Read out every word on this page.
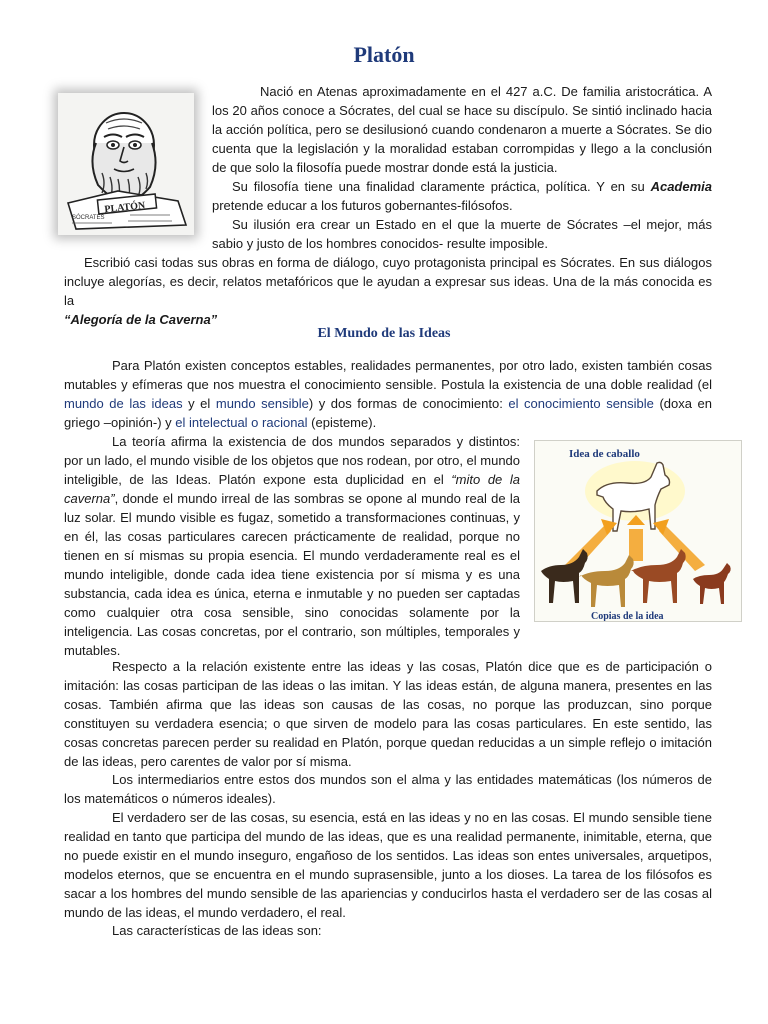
Platón
PLATÓN
SÓCRATES

Nació en Atenas aproximadamente en el 427 a.C. De familia aristocrática. A los 20 años conoce a Sócrates, del cual se hace su discípulo. Se sintió inclinado hacia la acción política, pero se desilusionó cuando condenaron a muerte a Sócrates. Se dio cuenta que la legislación y la moralidad estaban corrompidas y llego a la conclusión de que solo la filosofía puede mostrar donde está la justicia.

Su filosofía tiene una finalidad claramente práctica, política. Y en su Academia pretende educar a los futuros gobernantes-filósofos.

Su ilusión era crear un Estado en el que la muerte de Sócrates –el mejor, más sabio y justo de los hombres conocidos- resulte imposible.

Escribió casi todas sus obras en forma de diálogo, cuyo protagonista principal es Sócrates. En sus diálogos incluye alegorías, es decir, relatos metafóricos que le ayudan a expresar sus ideas. Una de la más conocida es la
“Alegoría de la Caverna”

El Mundo de las Ideas

Para Platón existen conceptos estables, realidades permanentes, por otro lado, existen también cosas mutables y efímeras que nos muestra el conocimiento sensible. Postula la existencia de una doble realidad (el mundo de las ideas y el mundo sensible) y dos formas de conocimiento: el conocimiento sensible (doxa en griego –opinión-) y el intelectual o racional (episteme).

La teoría afirma la existencia de dos mundos separados y distintos: por un lado, el mundo visible de los objetos que nos rodean, por otro, el mundo inteligible, de las Ideas. Platón expone esta duplicidad en el “mito de la caverna”, donde el mundo irreal de las sombras se opone al mundo real de la luz solar. El mundo visible es fugaz, sometido a transformaciones continuas, y en él, las cosas particulares carecen prácticamente de realidad, porque no tienen en sí mismas su propia esencia. El mundo verdaderamente real es el mundo inteligible, donde cada idea tiene existencia por sí misma y es una substancia, cada idea es única, eterna e inmutable y no pueden ser captadas como cualquier otra cosa sensible, sino conocidas solamente por la inteligencia. Las cosas concretas, por el contrario, son múltiples, temporales y mutables.

Idea de caballo
Copias de la idea

Respecto a la relación existente entre las ideas y las cosas, Platón dice que es de participación o imitación: las cosas participan de las ideas o las imitan. Y las ideas están, de alguna manera, presentes en las cosas. También afirma que las ideas son causas de las cosas, no porque las produzcan, sino porque constituyen su verdadera esencia; o que sirven de modelo para las cosas particulares. En este sentido, las cosas concretas parecen perder su realidad en Platón, porque quedan reducidas a un simple reflejo o imitación de las ideas, pero carentes de valor por sí misma.

Los intermediarios entre estos dos mundos son el alma y las entidades matemáticas (los números de los matemáticos o números ideales).

El verdadero ser de las cosas, su esencia, está en las ideas y no en las cosas. El mundo sensible tiene realidad en tanto que participa del mundo de las ideas, que es una realidad permanente, inimitable, eterna, que no puede existir en el mundo inseguro, engañoso de los sentidos. Las ideas son entes universales, arquetipos, modelos eternos, que se encuentra en el mundo suprasensible, junto a los dioses. La tarea de los filósofos es sacar a los hombres del mundo sensible de las apariencias y conducirlos hasta el verdadero ser de las cosas al mundo de las ideas, el mundo verdadero, el real.

Las características de las ideas son:
